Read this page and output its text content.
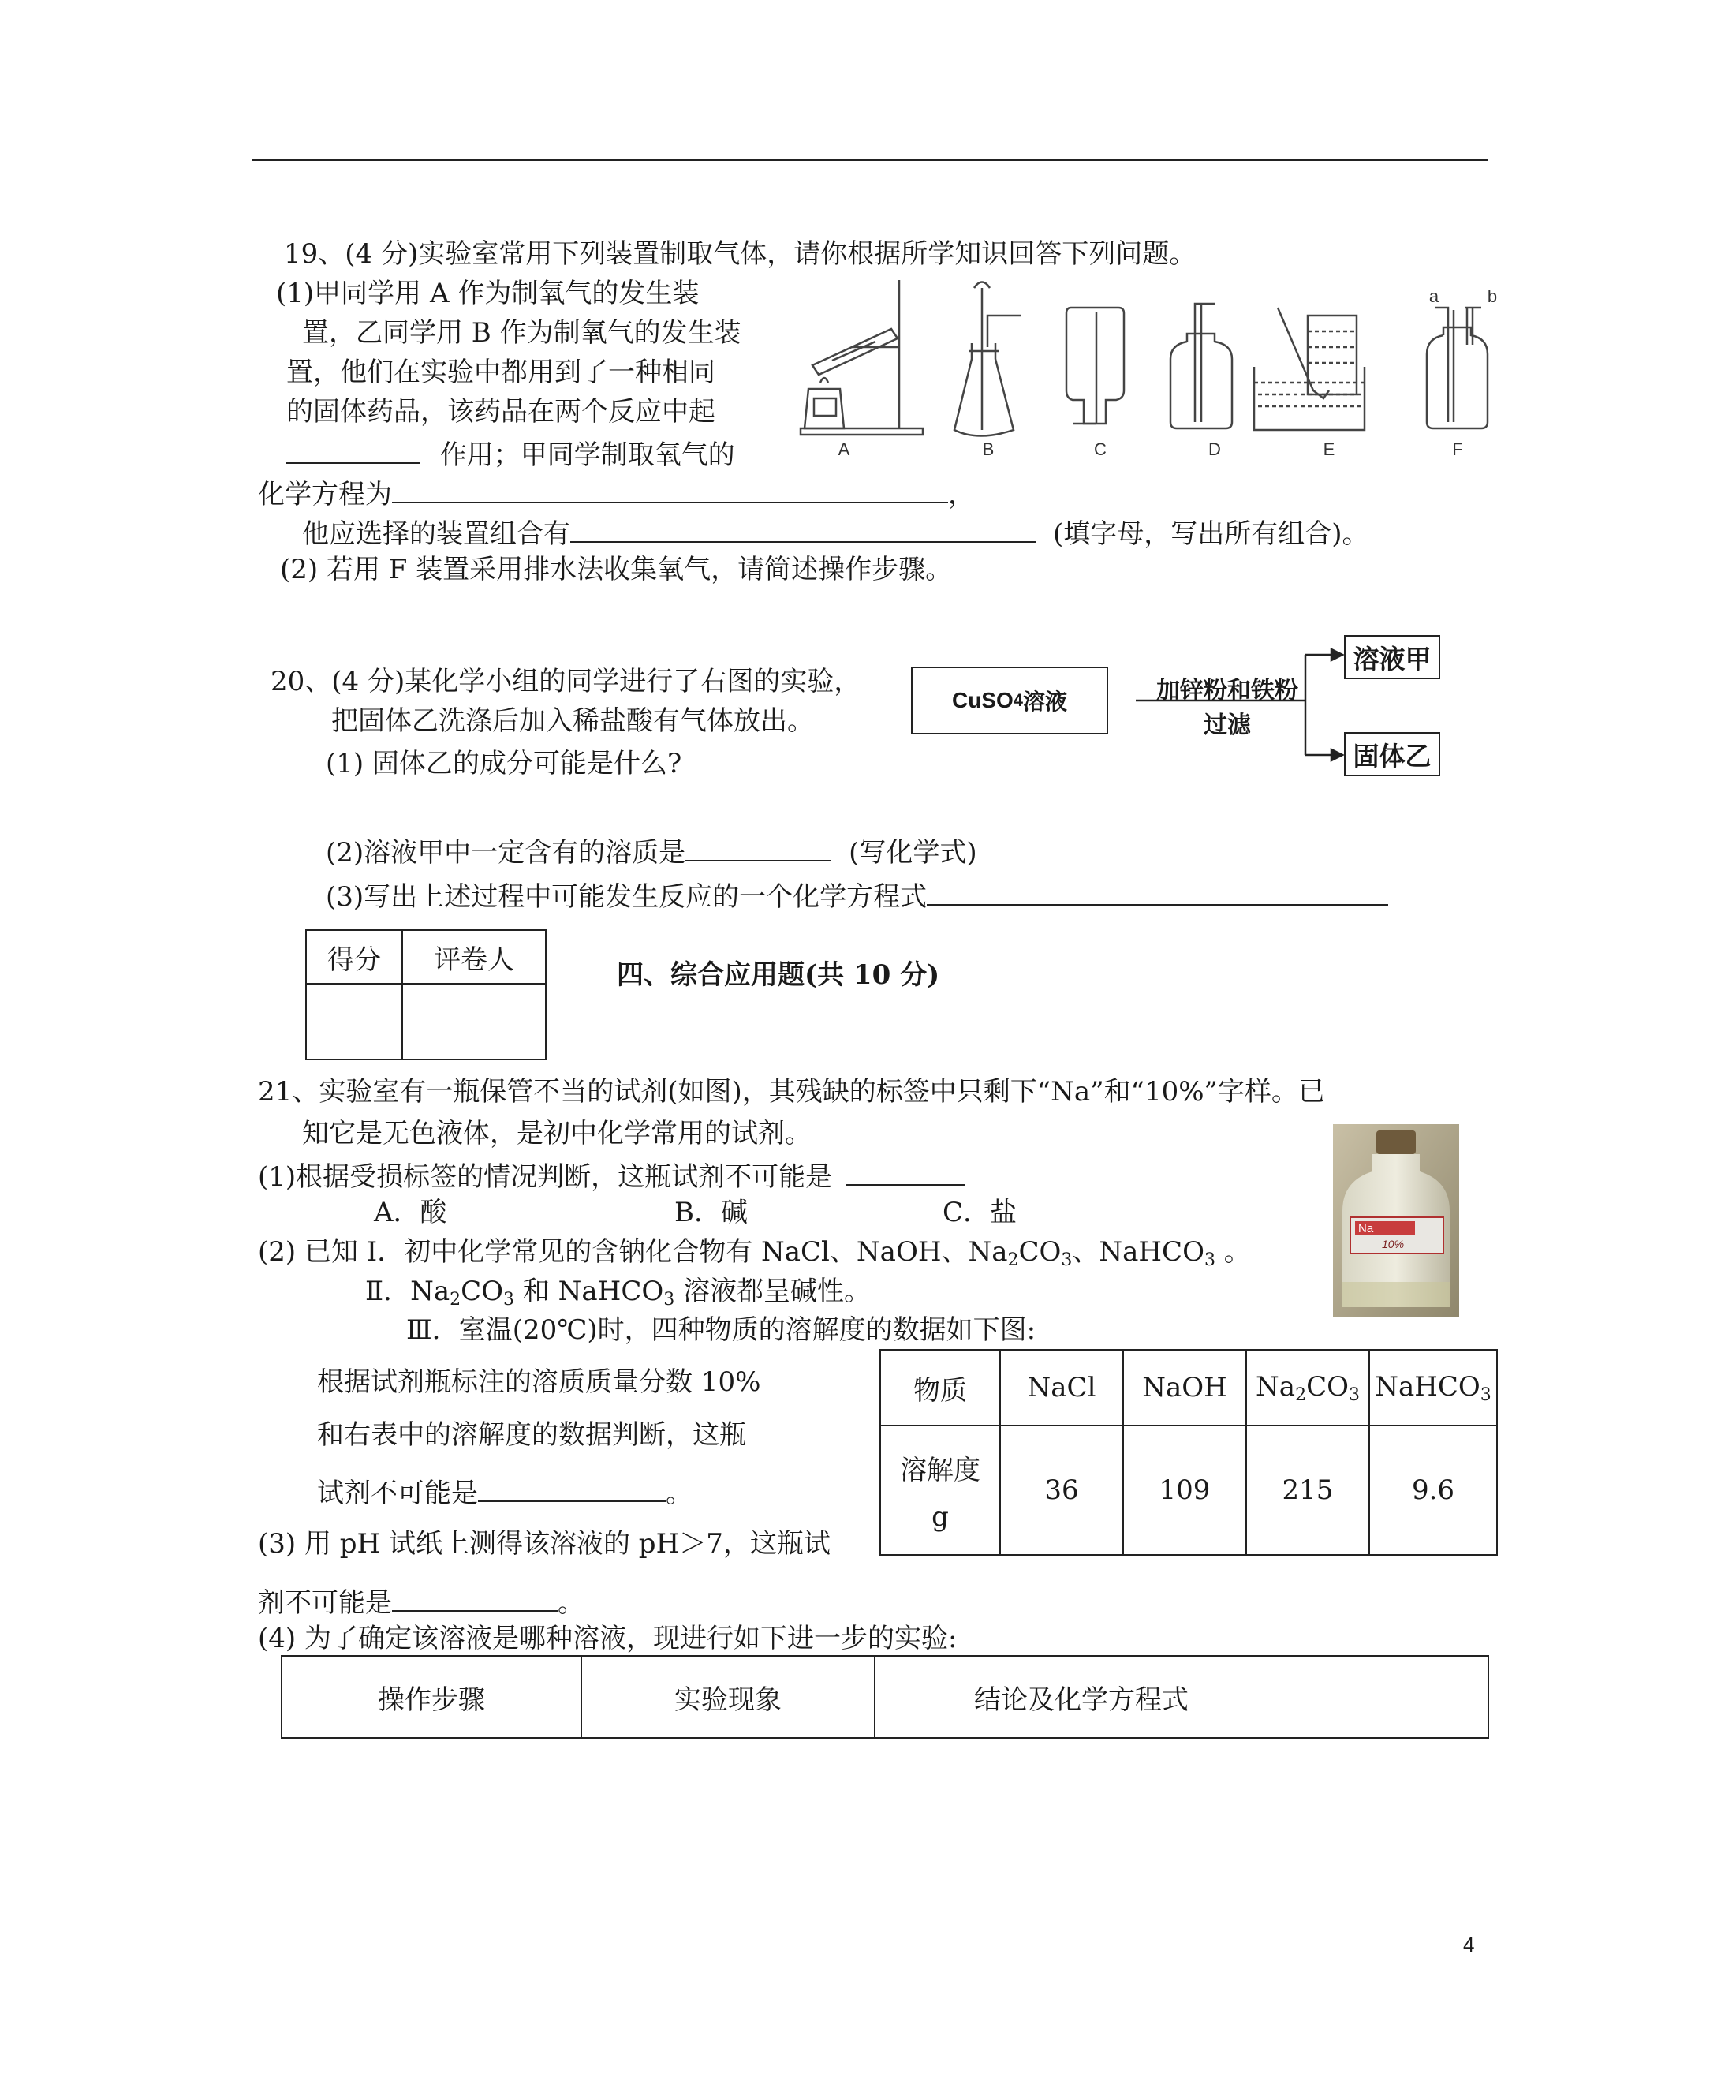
19、(4 分)实验室常用下列装置制取气体，请你根据所学知识回答下列问题。
(1)甲同学用 A 作为制氧气的发生装
置，乙同学用 B 作为制氧气的发生装
置，他们在实验中都用到了一种相同
的固体药品，该药品在两个反应中起
作用；甲同学制取氧气的
化学方程为	，
他应选择的装置组合有	(填字母，写出所有组合)。
(2) 若用 F 装置采用排水法收集氧气，请简述操作步骤。
A	B	C	D	E	F
a	b
20、(4 分)某化学小组的同学进行了右图的实验，
把固体乙洗涤后加入稀盐酸有气体放出。
(1) 固体乙的成分可能是什么?
(2)溶液甲中一定含有的溶质是	(写化学式)
(3)写出上述过程中可能发生反应的一个化学方程式
CuSO 4 溶液	加锌粉和铁粉
过滤
溶液甲
固体乙
得分	评卷人
		四、综合应用题(共 10 分)
21、实验室有一瓶保管不当的试剂(如图)，其残缺的标签中只剩下“Na”和“10%”字样。已
知它是无色液体，是初中化学常用的试剂。
(1)根据受损标签的情况判断，这瓶试剂不可能是
A．酸	B．碱	C．盐
(2) 已知 Ⅰ．初中化学常见的含钠化合物有 NaCl、NaOH、$Na_2CO_3$、NaHCO$_3$ 。
Ⅱ．$Na_2CO_3$ 和 NaHCO$_3$ 溶液都呈碱性。
Ⅲ．室温(20℃)时，四种物质的溶解度的数据如下图:
根据试剂瓶标注的溶质质量分数 10%
和右表中的溶解度的数据判断，这瓶
试剂不可能是	。
(3) 用 pH 试纸上测得该溶液的 pH＞7，这瓶试
剂不可能是	。
(4) 为了确定该溶液是哪种溶液，现进行如下进一步的实验:
Na
10%
物质	NaCl	NaOH	$Na_2CO_3$	NaHCO$_3$

溶解度
g	36	109	215	9.6
操作步骤	实验现象	结论及化学方程式
4
